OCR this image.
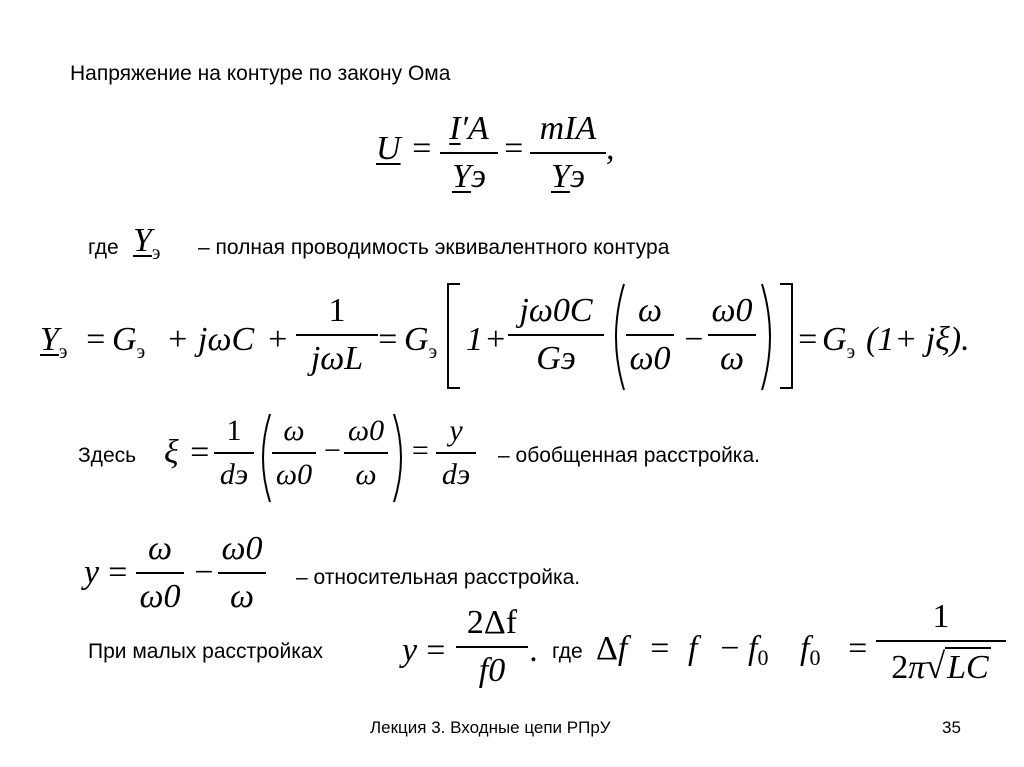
Напряжение на контуре по закону Ома
U =
I′А
Yэ
=
mIА
Yэ
,
где $Y_э$ – полная проводимость эквивалентного контура
$Y_э = G_э + j\omega C$ +
1
jωL
= $G_э$ 1 +
jω0C
Gэ
ω
ω0
−
ω0
ω
= $G_э$ (1+ jξ).
Здесь ξ =
1
dэ
ω
ω0
−
ω0
ω
=
y
dэ
– обобщенная расстройка.
y =
ω
ω0
−
ω0
ω
– относительная расстройка.
При малых расстройках y =
2Δf
f0
. где Δf = f − f0 f0 =
1
2π√LC
Лекция 3. Входные цепи РПрУ	35
